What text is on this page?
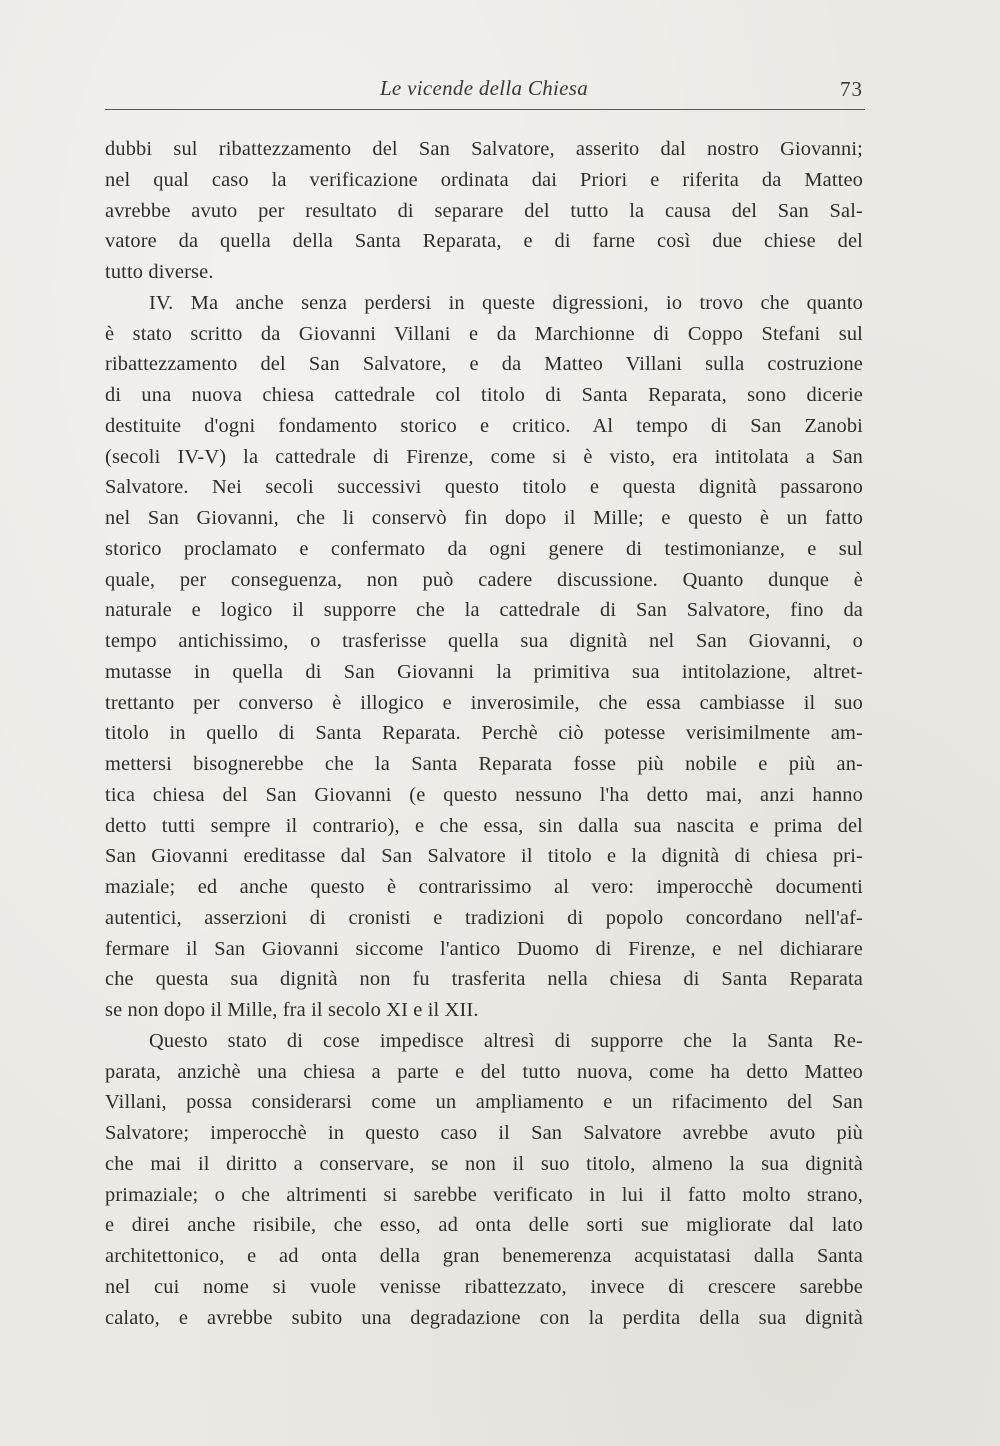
Le vicende della Chiesa	73
dubbi sul ribattezzamento del San Salvatore, asserito dal nostro Giovanni;
nel qual caso la verificazione ordinata dai Priori e riferita da Matteo
avrebbe avuto per resultato di separare del tutto la causa del San Sal-
vatore da quella della Santa Reparata, e di farne così due chiese del
tutto diverse.
IV. Ma anche senza perdersi in queste digressioni, io trovo che quanto
è stato scritto da Giovanni Villani e da Marchionne di Coppo Stefani sul
ribattezzamento del San Salvatore, e da Matteo Villani sulla costruzione
di una nuova chiesa cattedrale col titolo di Santa Reparata, sono dicerie
destituite d'ogni fondamento storico e critico. Al tempo di San Zanobi
(secoli IV-V) la cattedrale di Firenze, come si è visto, era intitolata a San
Salvatore. Nei secoli successivi questo titolo e questa dignità passarono
nel San Giovanni, che li conservò fin dopo il Mille; e questo è un fatto
storico proclamato e confermato da ogni genere di testimonianze, e sul
quale, per conseguenza, non può cadere discussione. Quanto dunque è
naturale e logico il supporre che la cattedrale di San Salvatore, fino da
tempo antichissimo, o trasferisse quella sua dignità nel San Giovanni, o
mutasse in quella di San Giovanni la primitiva sua intitolazione, altret-
trettanto per converso è illogico e inverosimile, che essa cambiasse il suo
titolo in quello di Santa Reparata. Perchè ciò potesse verisimilmente am-
mettersi bisognerebbe che la Santa Reparata fosse più nobile e più an-
tica chiesa del San Giovanni (e questo nessuno l'ha detto mai, anzi hanno
detto tutti sempre il contrario), e che essa, sin dalla sua nascita e prima del
San Giovanni ereditasse dal San Salvatore il titolo e la dignità di chiesa pri-
maziale; ed anche questo è contrarissimo al vero: imperocchè documenti
autentici, asserzioni di cronisti e tradizioni di popolo concordano nell'af-
fermare il San Giovanni siccome l'antico Duomo di Firenze, e nel dichiarare
che questa sua dignità non fu trasferita nella chiesa di Santa Reparata
se non dopo il Mille, fra il secolo XI e il XII.
Questo stato di cose impedisce altresì di supporre che la Santa Re-
parata, anzichè una chiesa a parte e del tutto nuova, come ha detto Matteo
Villani, possa considerarsi come un ampliamento e un rifacimento del San
Salvatore; imperocchè in questo caso il San Salvatore avrebbe avuto più
che mai il diritto a conservare, se non il suo titolo, almeno la sua dignità
primaziale; o che altrimenti si sarebbe verificato in lui il fatto molto strano,
e direi anche risibile, che esso, ad onta delle sorti sue migliorate dal lato
architettonico, e ad onta della gran benemerenza acquistatasi dalla Santa
nel cui nome si vuole venisse ribattezzato, invece di crescere sarebbe
calato, e avrebbe subito una degradazione con la perdita della sua dignità
